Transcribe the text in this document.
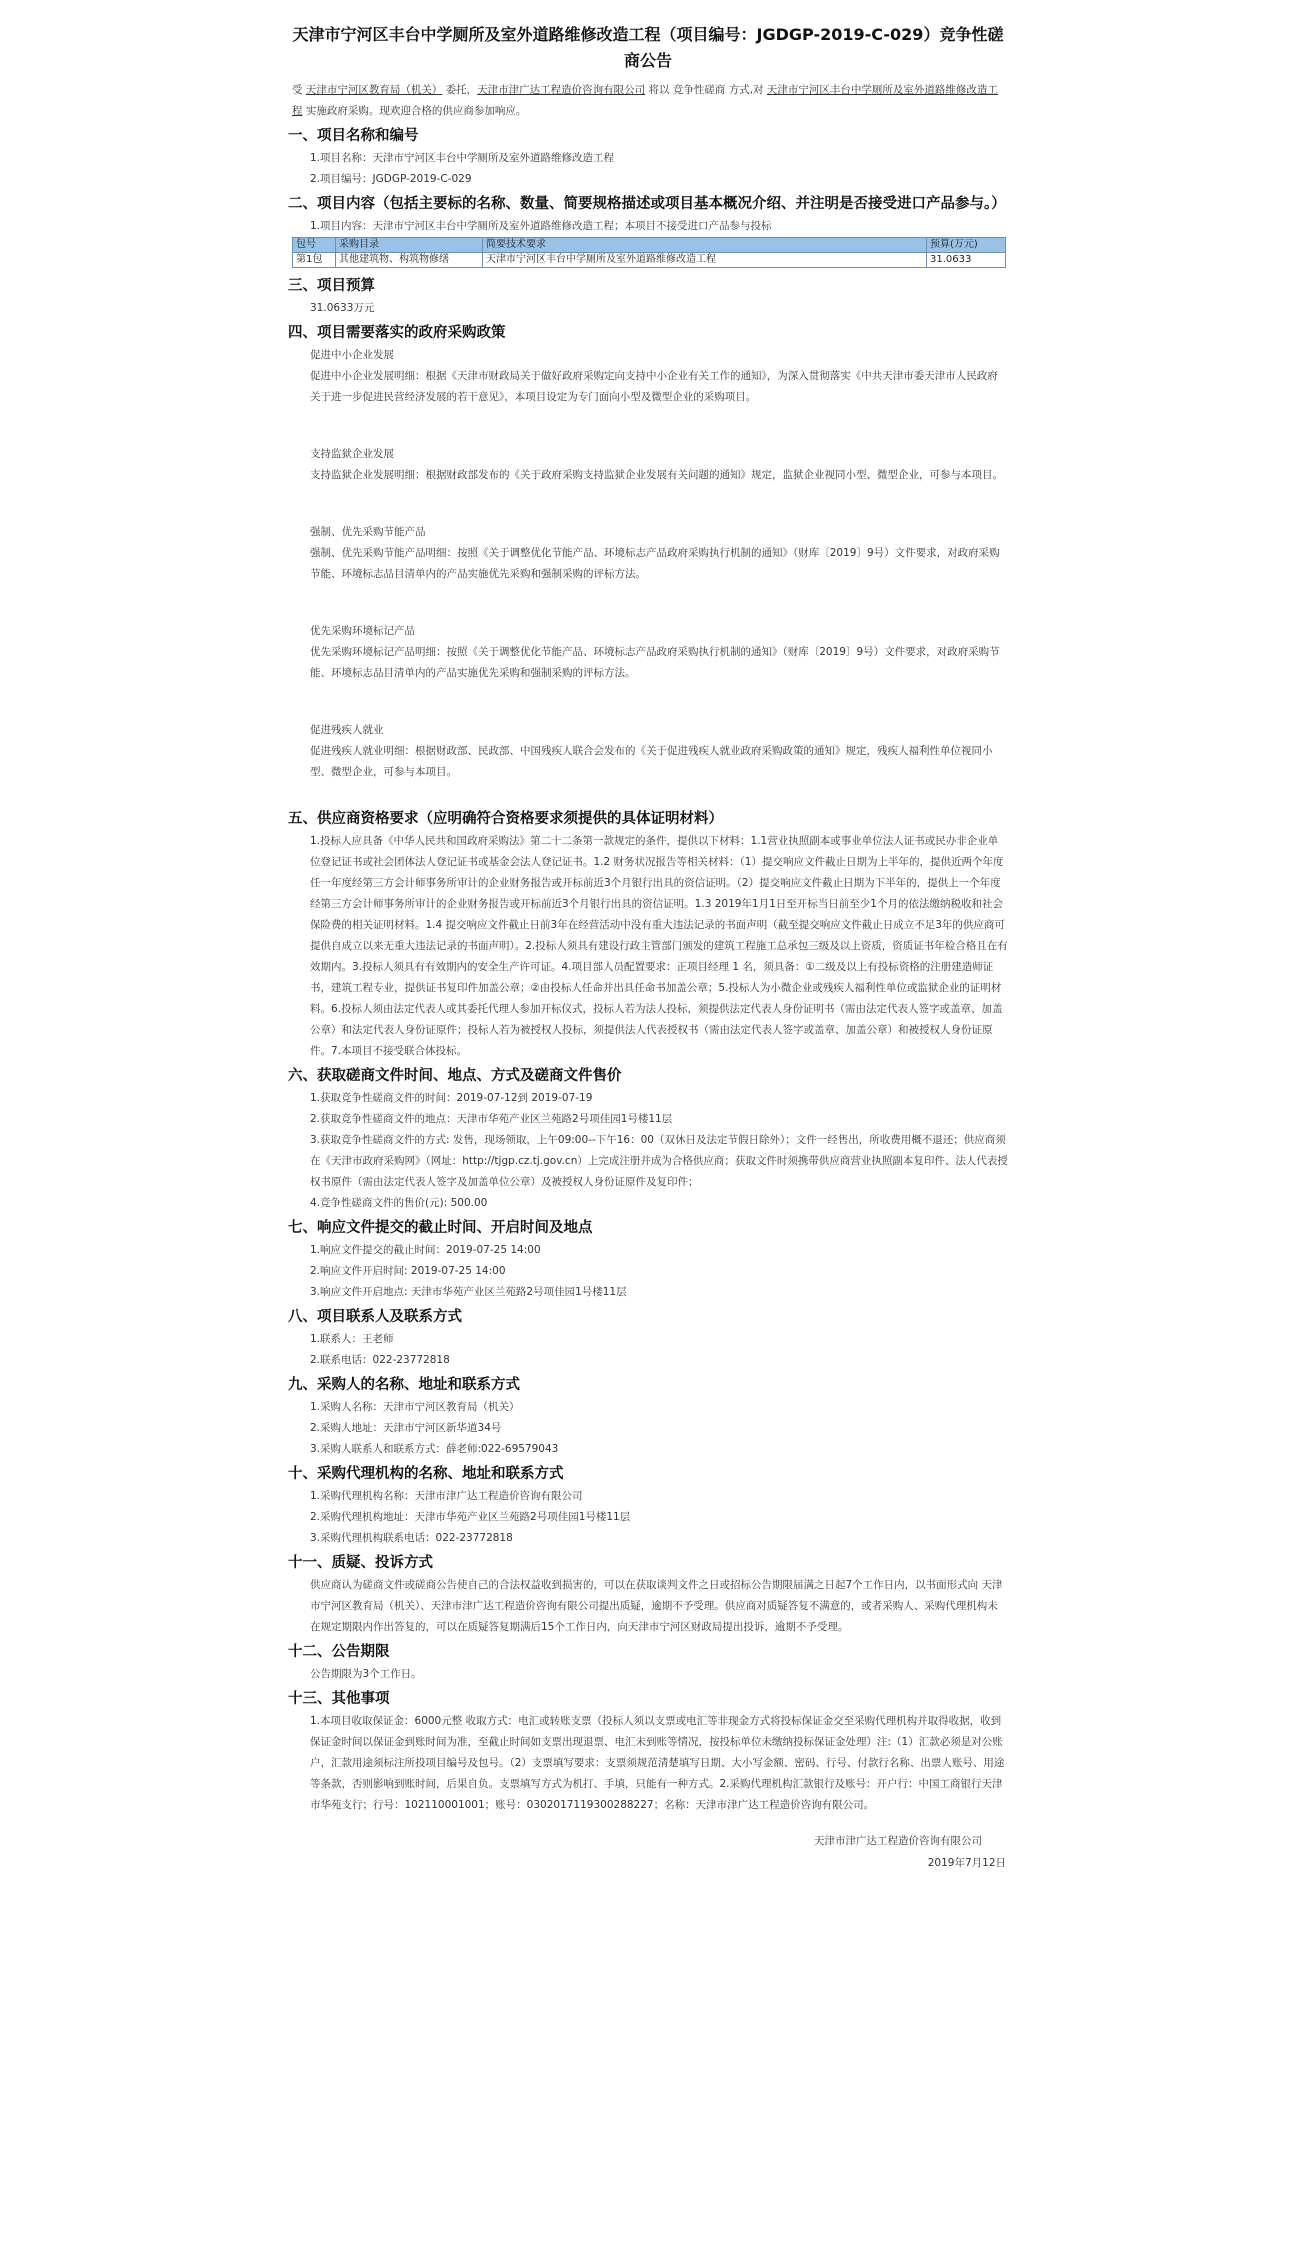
天津市宁河区丰台中学厕所及室外道路维修改造工程（项目编号：JGDGP-2019-C-029）竞争性磋商公告

受 天津市宁河区教育局（机关） 委托，天津市津广达工程造价咨询有限公司 将以 竞争性磋商 方式,对 天津市宁河区丰台中学厕所及室外道路维修改造工程 实施政府采购。现欢迎合格的供应商参加响应。

一、项目名称和编号

1.项目名称：天津市宁河区丰台中学厕所及室外道路维修改造工程

2.项目编号：JGDGP-2019-C-029

二、项目内容（包括主要标的名称、数量、简要规格描述或项目基本概况介绍、并注明是否接受进口产品参与。）

1.项目内容：天津市宁河区丰台中学厕所及室外道路维修改造工程；本项目不接受进口产品参与投标

包号	采购目录	简要技术要求	预算(万元)
第1包	其他建筑物、构筑物修缮	天津市宁河区丰台中学厕所及室外道路维修改造工程	31.0633
三、项目预算

31.0633万元

四、项目需要落实的政府采购政策

促进中小企业发展

促进中小企业发展明细：根据《天津市财政局关于做好政府采购定向支持中小企业有关工作的通知》，为深入贯彻落实《中共天津市委天津市人民政府关于进一步促进民营经济发展的若干意见》，本项目设定为专门面向小型及微型企业的采购项目。

支持监狱企业发展

支持监狱企业发展明细：根据财政部发布的《关于政府采购支持监狱企业发展有关问题的通知》规定，监狱企业视同小型、微型企业，可参与本项目。

强制、优先采购节能产品

强制、优先采购节能产品明细：按照《关于调整优化节能产品、环境标志产品政府采购执行机制的通知》（财库〔2019〕9号）文件要求，对政府采购节能、环境标志品目清单内的产品实施优先采购和强制采购的评标方法。

优先采购环境标记产品

优先采购环境标记产品明细：按照《关于调整优化节能产品、环境标志产品政府采购执行机制的通知》（财库〔2019〕9号）文件要求，对政府采购节能、环境标志品目清单内的产品实施优先采购和强制采购的评标方法。

促进残疾人就业

促进残疾人就业明细：根据财政部、民政部、中国残疾人联合会发布的《关于促进残疾人就业政府采购政策的通知》规定，残疾人福利性单位视同小型、微型企业，可参与本项目。

五、供应商资格要求（应明确符合资格要求须提供的具体证明材料）

1.投标人应具备《中华人民共和国政府采购法》第二十二条第一款规定的条件，提供以下材料：1.1营业执照副本或事业单位法人证书或民办非企业单位登记证书或社会团体法人登记证书或基金会法人登记证书。1.2 财务状况报告等相关材料：（1）提交响应文件截止日期为上半年的，提供近两个年度任一年度经第三方会计师事务所审计的企业财务报告或开标前近3个月银行出具的资信证明。（2）提交响应文件截止日期为下半年的，提供上一个年度经第三方会计师事务所审计的企业财务报告或开标前近3个月银行出具的资信证明。1.3 2019年1月1日至开标当日前至少1个月的依法缴纳税收和社会保险费的相关证明材料。1.4 提交响应文件截止日前3年在经营活动中没有重大违法记录的书面声明（截至提交响应文件截止日成立不足3年的供应商可提供自成立以来无重大违法记录的书面声明）。2.投标人须具有建设行政主管部门颁发的建筑工程施工总承包三级及以上资质，资质证书年检合格且在有效期内。3.投标人须具有有效期内的安全生产许可证。4.项目部人员配置要求：正项目经理 1 名，须具备：①二级及以上有投标资格的注册建造师证书，建筑工程专业，提供证书复印件加盖公章；②由投标人任命并出具任命书加盖公章；5.投标人为小微企业或残疾人福利性单位或监狱企业的证明材料。6.投标人须由法定代表人或其委托代理人参加开标仪式，投标人若为法人投标，须提供法定代表人身份证明书（需由法定代表人签字或盖章、加盖公章）和法定代表人身份证原件；投标人若为被授权人投标，须提供法人代表授权书（需由法定代表人签字或盖章、加盖公章）和被授权人身份证原件。7.本项目不接受联合体投标。

六、获取磋商文件时间、地点、方式及磋商文件售价

1.获取竞争性磋商文件的时间：2019-07-12到 2019-07-19

2.获取竞争性磋商文件的地点：天津市华苑产业区兰苑路2号项佳园1号楼11层

3.获取竞争性磋商文件的方式: 发售，现场领取，上午09:00--下午16：00（双休日及法定节假日除外）；文件一经售出，所收费用概不退还；供应商须在《天津市政府采购网》（网址：http://tjgp.cz.tj.gov.cn）上完成注册并成为合格供应商；获取文件时须携带供应商营业执照副本复印件、法人代表授权书原件（需由法定代表人签字及加盖单位公章）及被授权人身份证原件及复印件；

4.竞争性磋商文件的售价(元): 500.00

七、响应文件提交的截止时间、开启时间及地点

1.响应文件提交的截止时间：2019-07-25 14:00

2.响应文件开启时间: 2019-07-25 14:00

3.响应文件开启地点: 天津市华苑产业区兰苑路2号项佳园1号楼11层

八、项目联系人及联系方式

1.联系人：王老师

2.联系电话：022-23772818

九、采购人的名称、地址和联系方式

1.采购人名称：天津市宁河区教育局（机关）

2.采购人地址：天津市宁河区新华道34号

3.采购人联系人和联系方式：薛老师:022-69579043

十、采购代理机构的名称、地址和联系方式

1.采购代理机构名称：天津市津广达工程造价咨询有限公司

2.采购代理机构地址：天津市华苑产业区兰苑路2号项佳园1号楼11层

3.采购代理机构联系电话：022-23772818

十一、质疑、投诉方式

供应商认为磋商文件或磋商公告使自己的合法权益收到损害的，可以在获取谈判文件之日或招标公告期限届满之日起7个工作日内，以书面形式向 天津市宁河区教育局（机关）、天津市津广达工程造价咨询有限公司提出质疑，逾期不予受理。供应商对质疑答复不满意的，或者采购人、采购代理机构未在规定期限内作出答复的，可以在质疑答复期满后15个工作日内，向天津市宁河区财政局提出投诉，逾期不予受理。

十二、公告期限

公告期限为3个工作日。

十三、其他事项

1.本项目收取保证金：6000元整 收取方式：电汇或转账支票（投标人须以支票或电汇等非现金方式将投标保证金交至采购代理机构并取得收据，收到保证金时间以保证金到账时间为准，至截止时间如支票出现退票、电汇未到账等情况，按投标单位未缴纳投标保证金处理）注:（1）汇款必须是对公账户，汇款用途须标注所投项目编号及包号。（2）支票填写要求：支票须规范清楚填写日期、大小写金额、密码、行号、付款行名称、出票人账号、用途等条款，否则影响到账时间，后果自负。支票填写方式为机打、手填，只能有一种方式。2.采购代理机构汇款银行及账号：开户行：中国工商银行天津市华苑支行；行号：102110001001；账号：0302017119300288227；名称：天津市津广达工程造价咨询有限公司。

天津市津广达工程造价咨询有限公司
2019年7月12日
